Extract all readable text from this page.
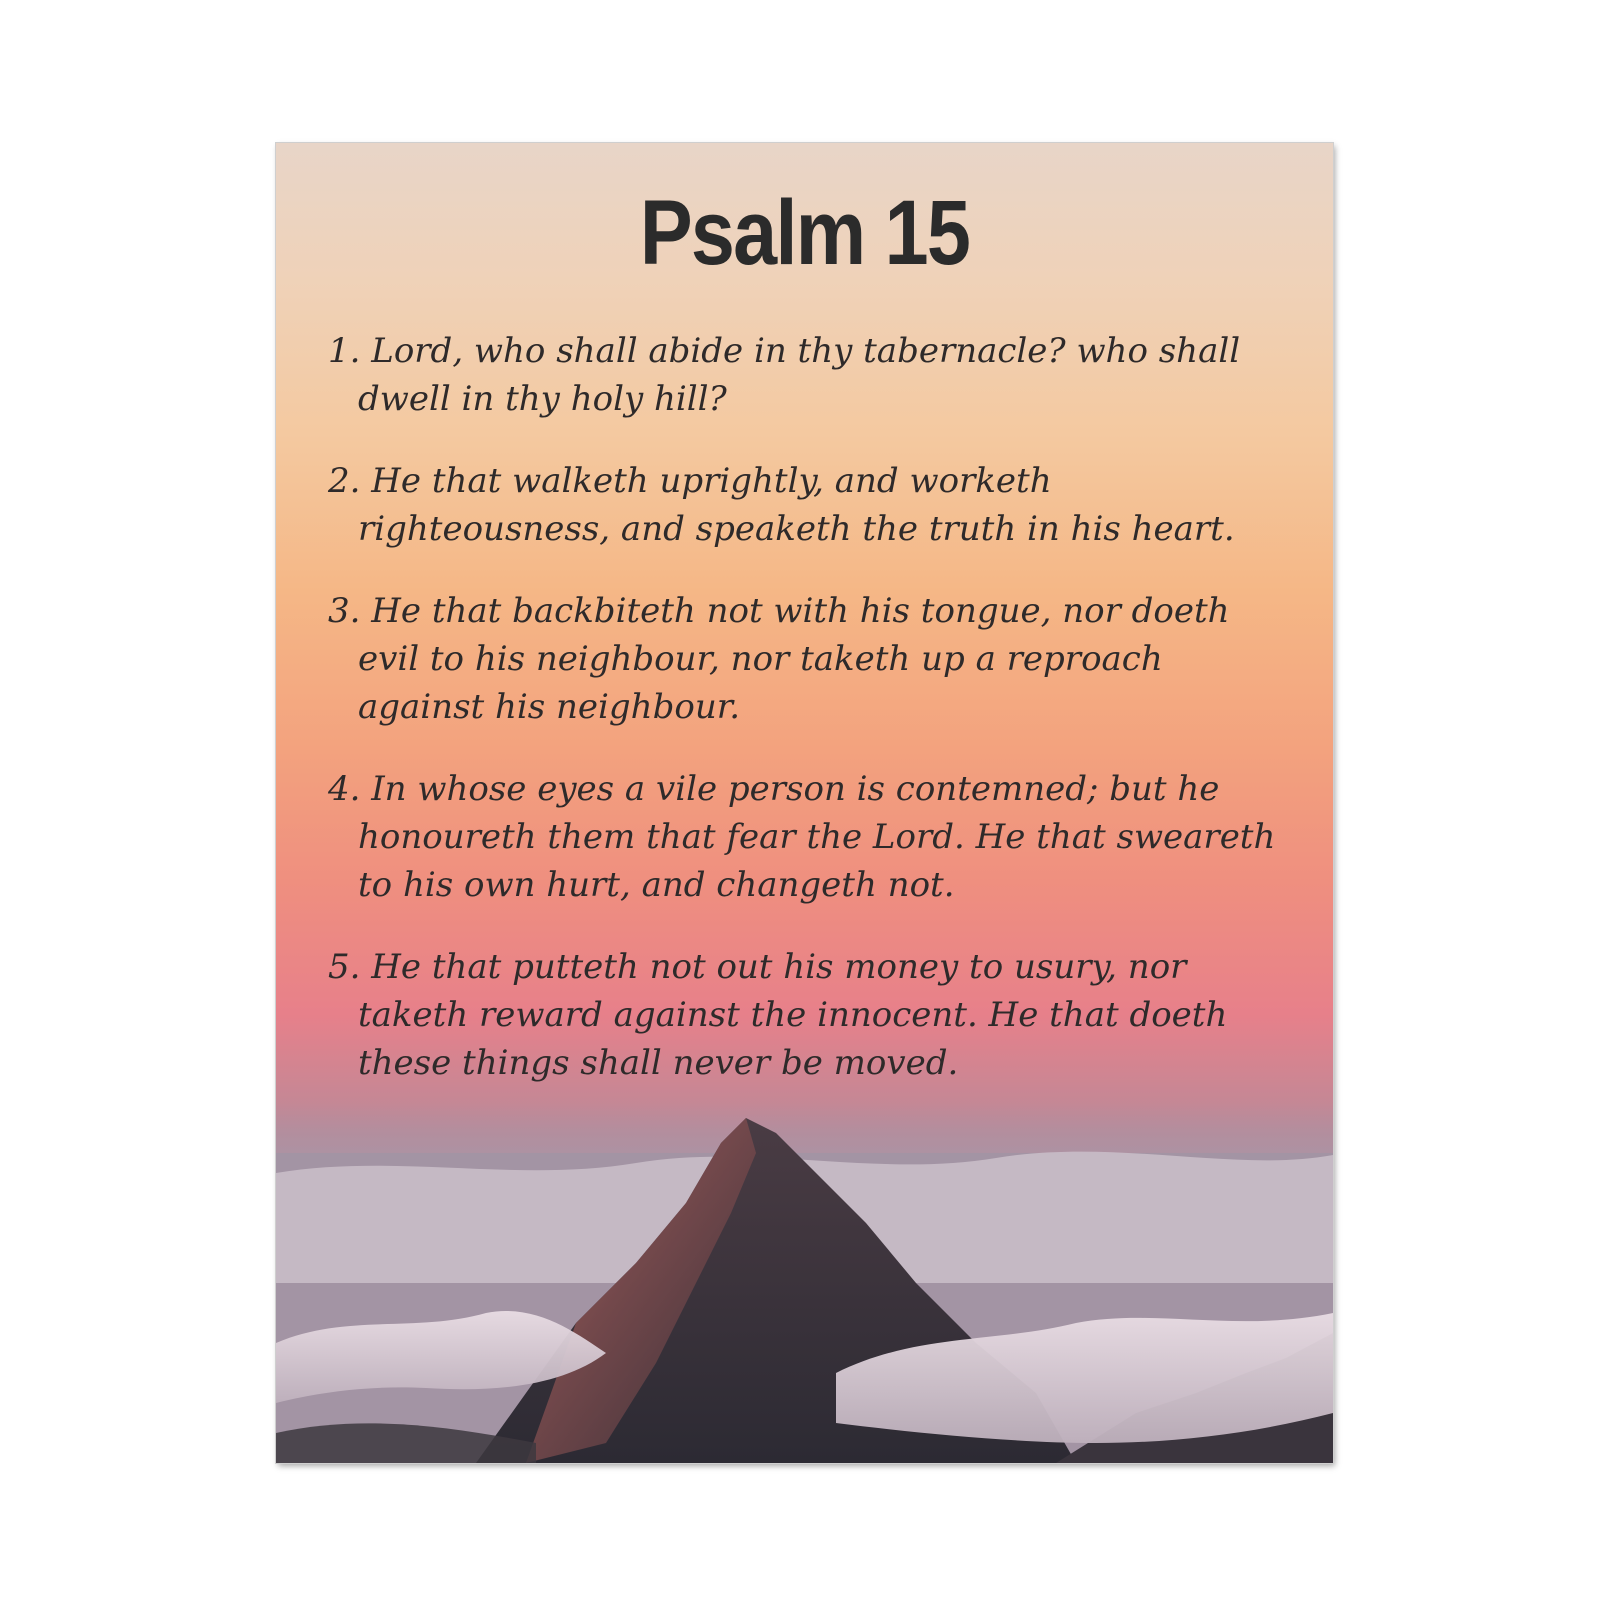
Psalm 15

1. Lord, who shall abide in thy tabernacle? who shall dwell in thy holy hill?

2. He that walketh uprightly, and worketh righteousness, and speaketh the truth in his heart.

3. He that backbiteth not with his tongue, nor doeth evil to his neighbour, nor taketh up a reproach against his neighbour.

4. In whose eyes a vile person is contemned; but he honoureth them that fear the Lord. He that sweareth to his own hurt, and changeth not.

5. He that putteth not out his money to usury, nor taketh reward against the innocent. He that doeth these things shall never be moved.
